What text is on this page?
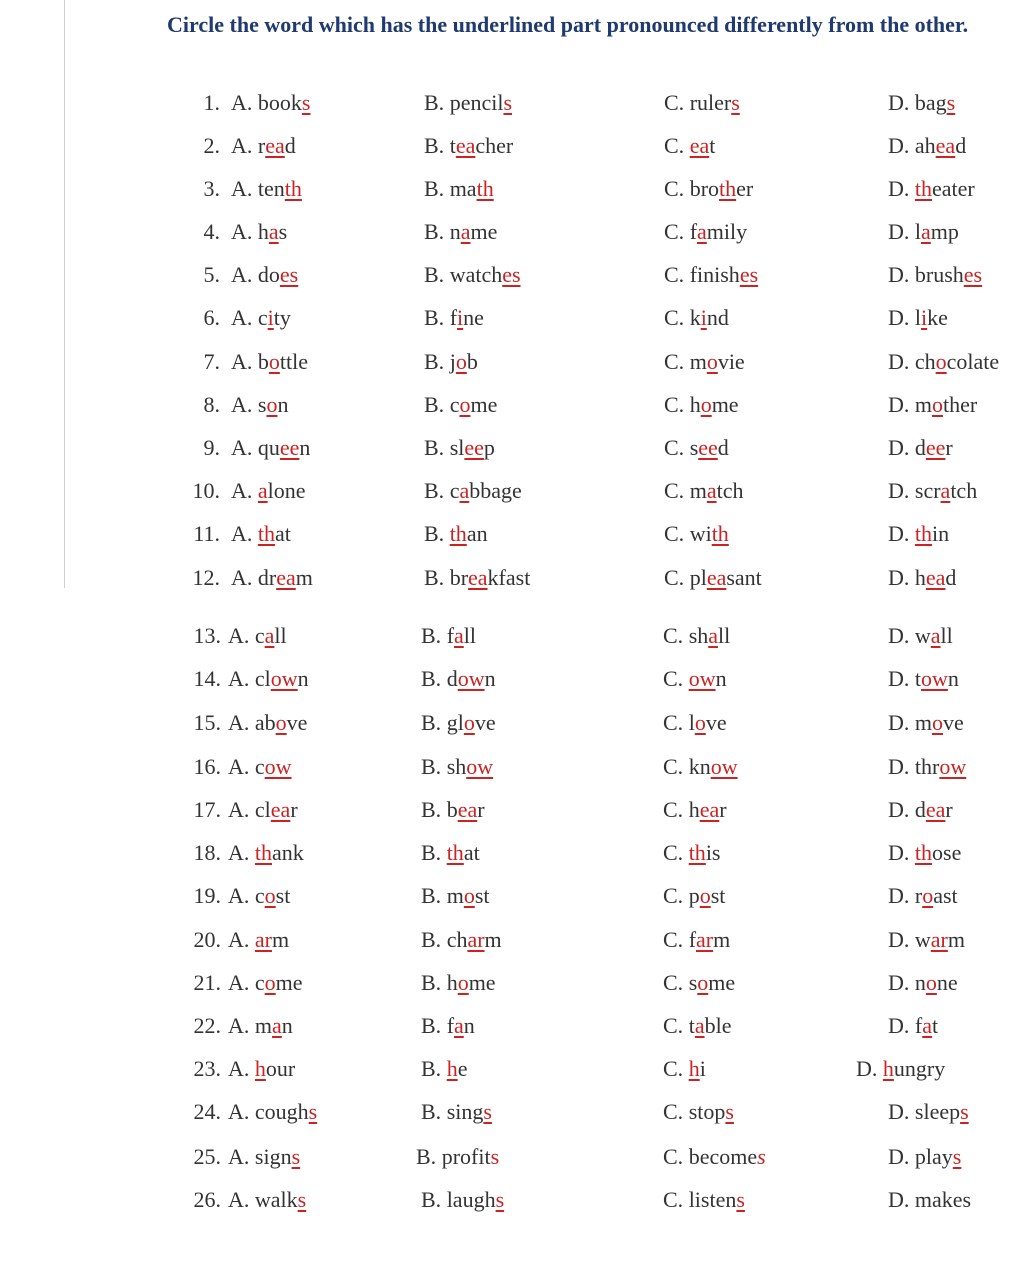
Circle the word which has the underlined part pronounced differently from the other.
1. A. books	B. pencils	C. rulers	D. bags
2. A. read	B. teacher	C. eat	D. ahead
3. A. tenth	B. math	C. brother	D. theater
4. A. has	B. name	C. family	D. lamp
5. A. does	B. watches	C. finishes	D. brushes
6. A. city	B. fine	C. kind	D. like
7. A. bottle	B. job	C. movie	D. chocolate
8. A. son	B. come	C. home	D. mother
9. A. queen	B. sleep	C. seed	D. deer
10. A. alone	B. cabbage	C. match	D. scratch
11. A. that	B. than	C. with	D. thin
12. A. dream	B. breakfast	C. pleasant	D. head
13. A. call	B. fall	C. shall	D. wall
14. A. clown	B. down	C. own	D. town
15. A. above	B. glove	C. love	D. move
16. A. cow	B. show	C. know	D. throw
17. A. clear	B. bear	C. hear	D. dear
18. A. thank	B. that	C. this	D. those
19. A. cost	B. most	C. post	D. roast
20. A. arm	B. charm	C. farm	D. warm
21. A. come	B. home	C. some	D. none
22. A. man	B. fan	C. table	D. fat
23. A. hour	B. he	C. hi	D. hungry
24. A. coughs	B. sings	C. stops	D. sleeps
25. A. signs	B. profits	C. becomes	D. plays
26. A. walks	B. laughs	C. listens	D. makes
